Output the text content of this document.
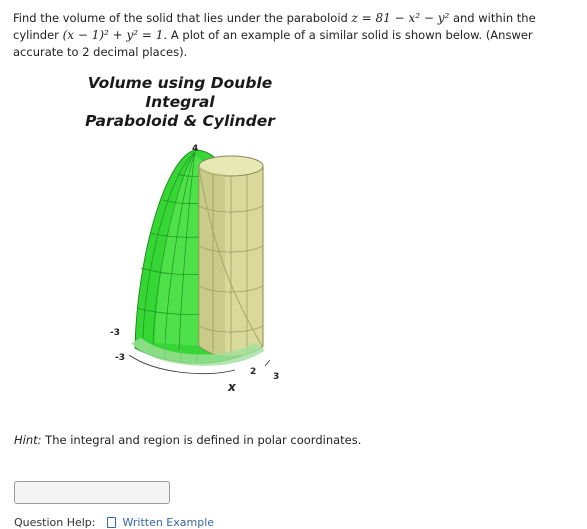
Find the volume of the solid that lies under the paraboloid z = 81 − x² − y² and within the cylinder (x − 1)² + y² = 1. A plot of an example of a similar solid is shown below. (Answer accurate to 2 decimal places).
Volume using Double Integral
Paraboloid & Cylinder
4
-3
-3
2 3
x
Hint: The integral and region is defined in polar coordinates.
Question Help: Written Example
